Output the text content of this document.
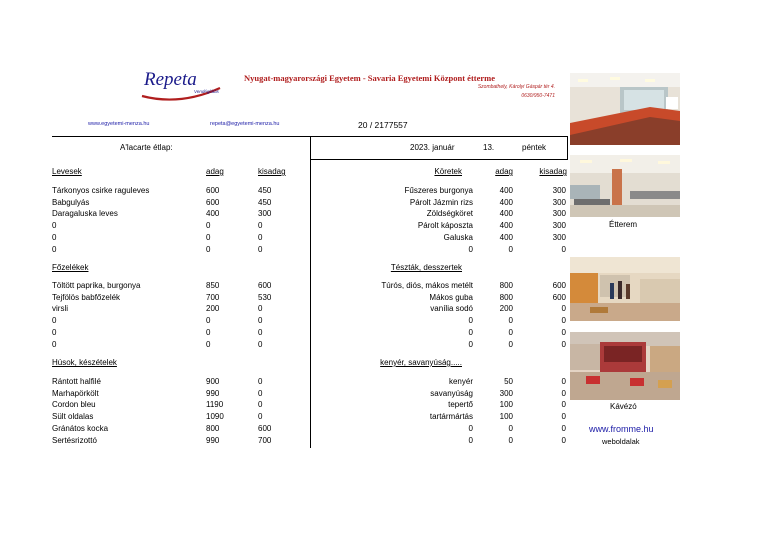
Repeta
Vendéglátás
Nyugat-magyarországi Egyetem - Savaria Egyetemi Központ étterme
Szombathely, Károlyi Gáspár tér 4.
0630/950-7471
www.egyetemi-menza.hu	repeta@egyetemi-menza.hu	20 / 2177557
A'lacarte étlap:	2023. január	13.	péntek
Levesek	adag	kisadag
Tárkonyos csirke raguleves	600	450
Babgulyás	600	450
Daragaluska leves	400	300
0	0	0
0	0	0
0	0	0
Főzelékek
Töltött paprika, burgonya	850	600
Tejfölös babfőzelék	700	530
virsli	200	0
0	0	0
0	0	0
0	0	0
Húsok, készételek
Rántott halfilé	900	0
Marhapörkölt	990	0
Cordon bleu	1190	0
Sült oldalas	1090	0
Gránátos kocka	800	600
Sertésrizottó	990	700
Köretek	adag	kisadag
Fűszeres burgonya	400	300
Párolt Jázmin rizs	400	300
Zöldségköret	400	300
Párolt káposzta	400	300
Galuska	400	300
0	0	0
Tészták, desszertek
Túrós, diós, mákos metélt	800	600
Mákos guba	800	600
vanília sodó	200	0
0	0	0
0	0	0
0	0	0
kenyér, savanyúság.....
kenyér	50	0
savanyúság	300	0
tepertő	100	0
tartármártás	100	0
0	0	0
0	0	0
Étterem
Kávézó
www.fromme.hu
weboldalak
